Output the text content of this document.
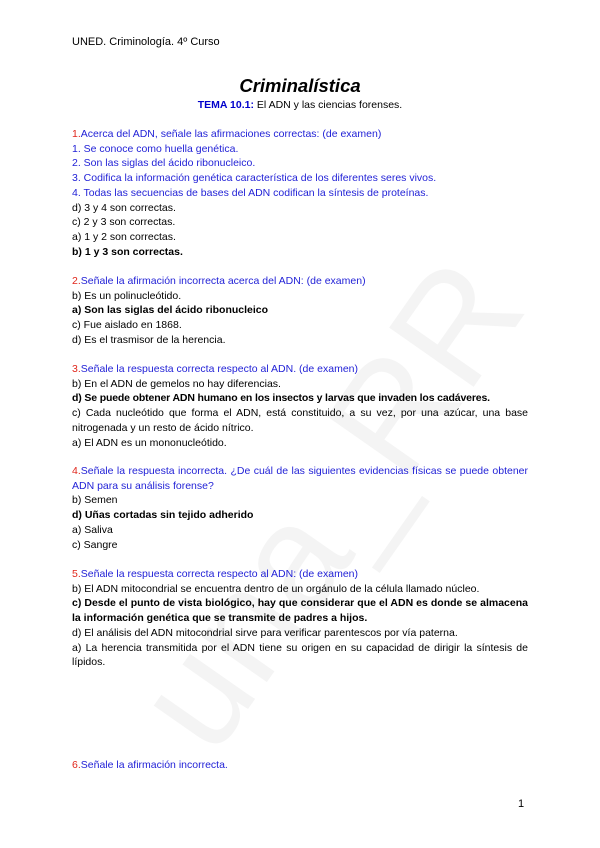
UNED. Criminología. 4º Curso
Criminalística
TEMA 10.1: El ADN y las ciencias forenses.
1.Acerca del ADN, señale las afirmaciones correctas: (de examen)
1. Se conoce como huella genética.
2. Son las siglas del ácido ribonucleico.
3. Codifica la información genética característica de los diferentes seres vivos.
4. Todas las secuencias de bases del ADN codifican la síntesis de proteínas.
d) 3 y 4 son correctas.
c) 2 y 3 son correctas.
a) 1 y 2 son correctas.
b) 1 y 3 son correctas.
2.Señale la afirmación incorrecta acerca del ADN: (de examen)
b) Es un polinucleótido.
a) Son las siglas del ácido ribonucleico
c) Fue aislado en 1868.
d) Es el trasmisor de la herencia.
3.Señale la respuesta correcta respecto al ADN. (de examen)
b) En el ADN de gemelos no hay diferencias.
d) Se puede obtener ADN humano en los insectos y larvas que invaden los cadáveres.
c) Cada nucleótido que forma el ADN, está constituido, a su vez, por una azúcar, una base nitrogenada y un resto de ácido nítrico.
a) El ADN es un mononucleótido.
4.Señale la respuesta incorrecta. ¿De cuál de las siguientes evidencias físicas se puede obtener ADN para su análisis forense?
b) Semen
d) Uñas cortadas sin tejido adherido
a) Saliva
c) Sangre
5.Señale la respuesta correcta respecto al ADN: (de examen)
b) El ADN mitocondrial se encuentra dentro de un orgánulo de la célula llamado núcleo.
c) Desde el punto de vista biológico, hay que considerar que el ADN es donde se almacena la información genética que se transmite de padres a hijos.
d) El análisis del ADN mitocondrial sirve para verificar parentescos por vía paterna.
a) La herencia transmitida por el ADN tiene su origen en su capacidad de dirigir la síntesis de lípidos.
6.Señale la afirmación incorrecta.
1
